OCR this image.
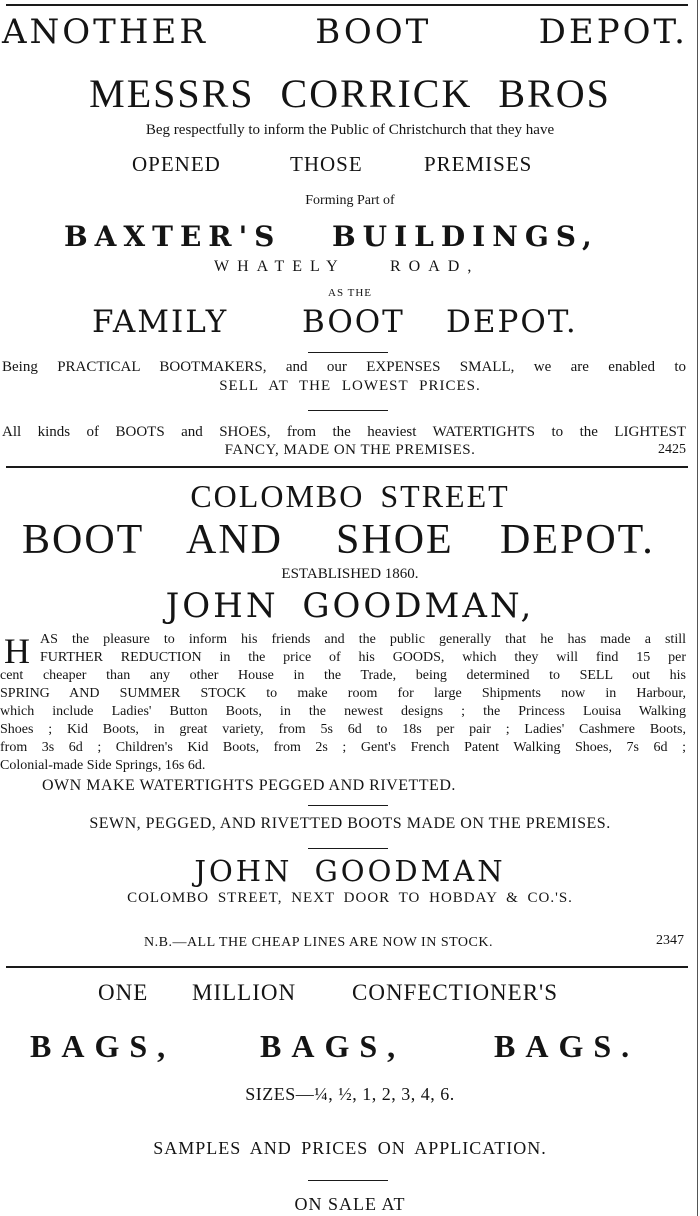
ANOTHER BOOT DEPOT.
MESSRS CORRICK BROS
Beg respectfully to inform the Public of Christchurch that they have
OPENED	THOSE	PREMISES
Forming Part of
BAXTER'S BUILDINGS,
WHATELY	ROAD,
AS THE
FAMILY BOOT DEPOT.
Being PRACTICAL BOOTMAKERS, and our EXPENSES SMALL, we are enabled to
SELL AT THE LOWEST PRICES.
All kinds of BOOTS and SHOES, from the heaviest WATERTIGHTS to the LIGHTEST
FANCY, MADE ON THE PREMISES.	2425
COLOMBO STREET
BOOT AND SHOE DEPOT.
ESTABLISHED 1860.
JOHN GOODMAN,
H AS the pleasure to inform his friends and the public generally that he has made a still
FURTHER REDUCTION in the price of his GOODS, which they will find 15 per
cent cheaper than any other House in the Trade, being determined to SELL out his
SPRING AND SUMMER STOCK to make room for large Shipments now in Harbour,
which include Ladies' Button Boots, in the newest designs ; the Princess Louisa Walking
Shoes ; Kid Boots, in great variety, from 5s 6d to 18s per pair ; Ladies' Cashmere Boots,
from 3s 6d ; Children's Kid Boots, from 2s ; Gent's French Patent Walking Shoes, 7s 6d ;
Colonial-made Side Springs, 16s 6d.
OWN MAKE WATERTIGHTS PEGGED AND RIVETTED.
SEWN, PEGGED, AND RIVETTED BOOTS MADE ON THE PREMISES.
JOHN GOODMAN
COLOMBO STREET, NEXT DOOR TO HOBDAY & CO.'S.
N.B.—ALL THE CHEAP LINES ARE NOW IN STOCK.	2347
ONE MILLION CONFECTIONER'S
BAGS,	BAGS,	BAGS.
SIZES—¼, ½, 1, 2, 3, 4, 6.
SAMPLES AND PRICES ON APPLICATION.
ON SALE AT
